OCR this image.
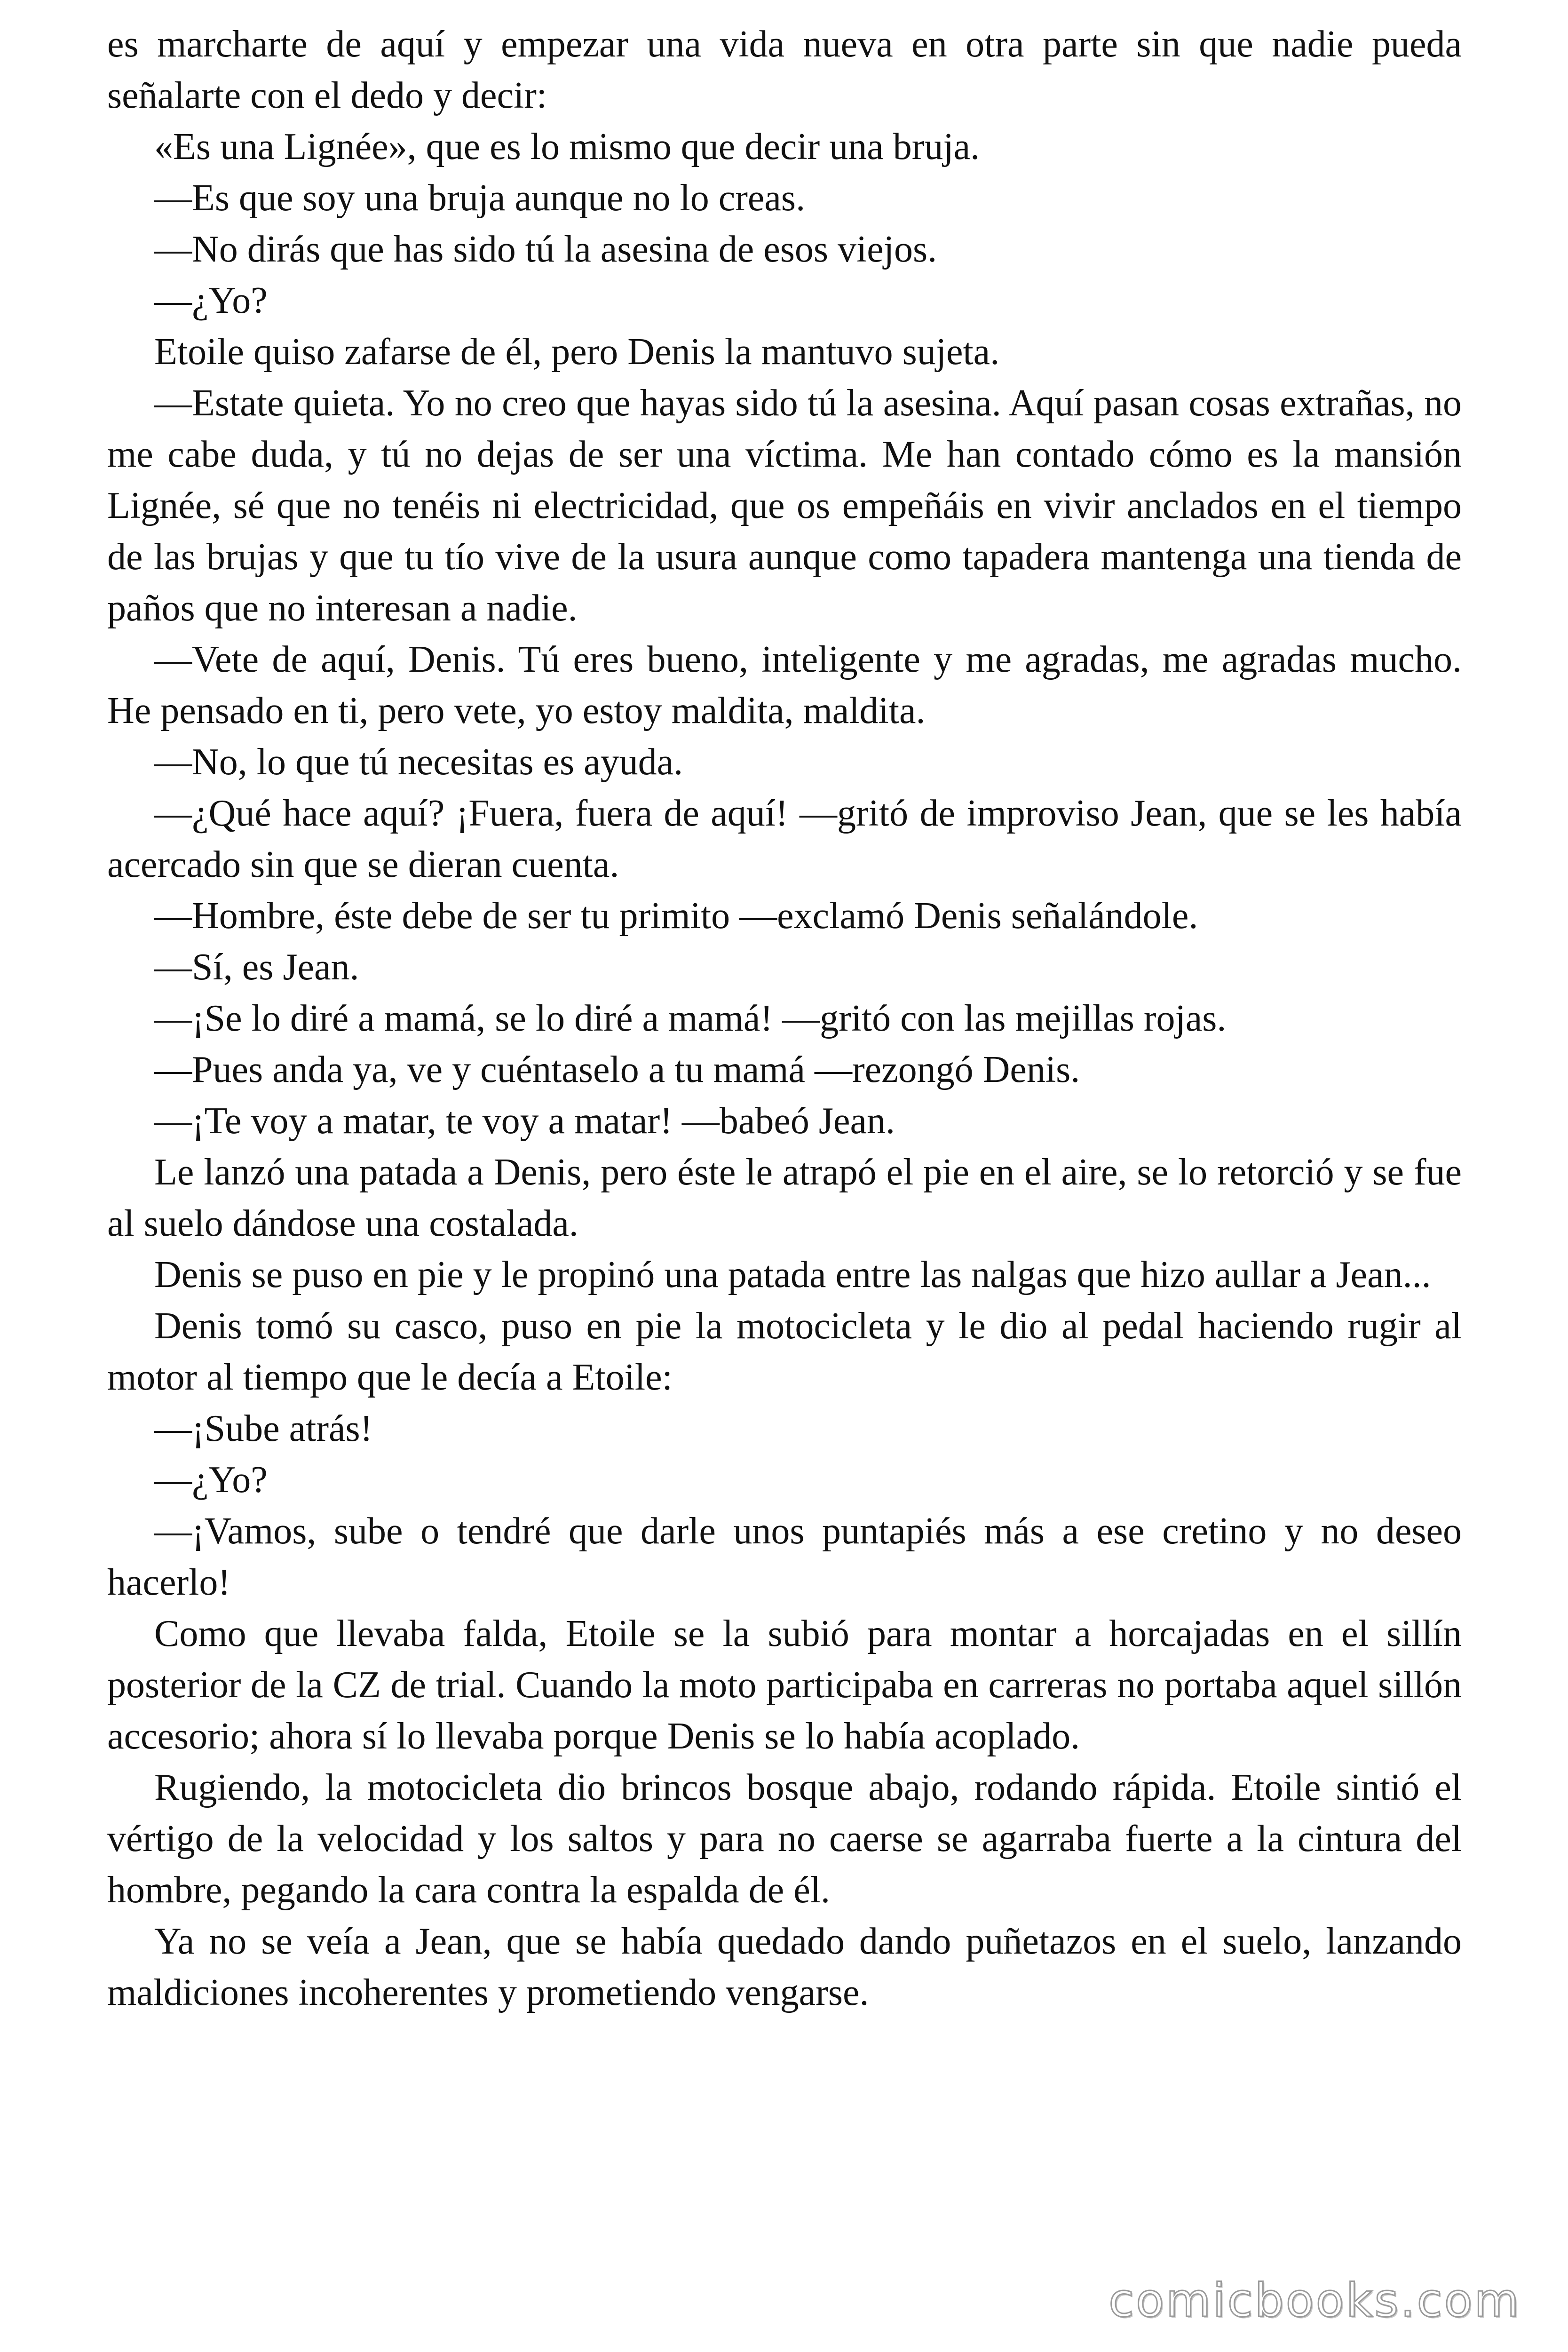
es marcharte de aquí y empezar una vida nueva en otra parte sin que nadie pueda señalarte con el dedo y decir:

«Es una Lignée», que es lo mismo que decir una bruja.

—Es que soy una bruja aunque no lo creas.

—No dirás que has sido tú la asesina de esos viejos.

—¿Yo?

Etoile quiso zafarse de él, pero Denis la mantuvo sujeta.

—Estate quieta. Yo no creo que hayas sido tú la asesina. Aquí pasan cosas extrañas, no me cabe duda, y tú no dejas de ser una víctima. Me han contado cómo es la mansión Lignée, sé que no tenéis ni electricidad, que os empeñáis en vivir anclados en el tiempo de las brujas y que tu tío vive de la usura aunque como tapadera mantenga una tienda de paños que no interesan a nadie.

—Vete de aquí, Denis. Tú eres bueno, inteligente y me agradas, me agradas mucho. He pensado en ti, pero vete, yo estoy maldita, maldita.

—No, lo que tú necesitas es ayuda.

—¿Qué hace aquí? ¡Fuera, fuera de aquí! —gritó de improviso Jean, que se les había acercado sin que se dieran cuenta.

—Hombre, éste debe de ser tu primito —exclamó Denis señalándole.

—Sí, es Jean.

—¡Se lo diré a mamá, se lo diré a mamá! —gritó con las mejillas rojas.

—Pues anda ya, ve y cuéntaselo a tu mamá —rezongó Denis.

—¡Te voy a matar, te voy a matar! —babeó Jean.

Le lanzó una patada a Denis, pero éste le atrapó el pie en el aire, se lo retorció y se fue al suelo dándose una costalada.

Denis se puso en pie y le propinó una patada entre las nalgas que hizo aullar a Jean...

Denis tomó su casco, puso en pie la motocicleta y le dio al pedal haciendo rugir al motor al tiempo que le decía a Etoile:

—¡Sube atrás!

—¿Yo?

—¡Vamos, sube o tendré que darle unos puntapiés más a ese cretino y no deseo hacerlo!

Como que llevaba falda, Etoile se la subió para montar a horcajadas en el sillín posterior de la CZ de trial. Cuando la moto participaba en carreras no portaba aquel sillón accesorio; ahora sí lo llevaba porque Denis se lo había acoplado.

Rugiendo, la motocicleta dio brincos bosque abajo, rodando rápida. Etoile sintió el vértigo de la velocidad y los saltos y para no caerse se agarraba fuerte a la cintura del hombre, pegando la cara contra la espalda de él.

Ya no se veía a Jean, que se había quedado dando puñetazos en el suelo, lanzando maldiciones incoherentes y prometiendo vengarse.

comicbooks.com
